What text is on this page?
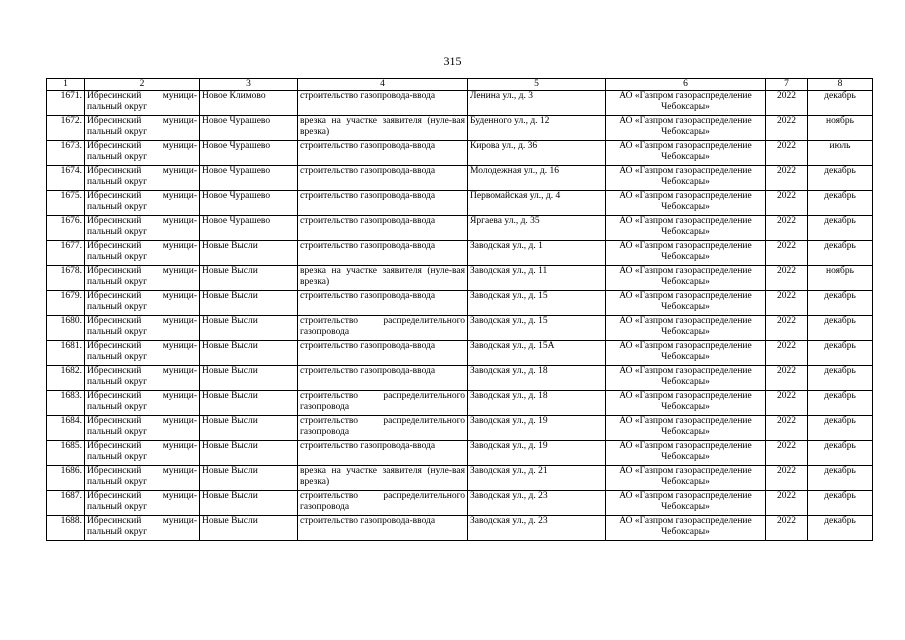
315
1	2	3	4	5	6	7	8
1671.	Ибресинский муници-пальный округ	Новое Климово	строительство газопровода-ввода	Ленина ул., д. 3	АО «Газпром газораспределение Чебоксары»	2022	декабрь
1672.	Ибресинский муници-пальный округ	Новое Чурашево	врезка на участке заявителя (нуле-вая врезка)	Буденного ул., д. 12	АО «Газпром газораспределение Чебоксары»	2022	ноябрь
1673.	Ибресинский муници-пальный округ	Новое Чурашево	строительство газопровода-ввода	Кирова ул., д. 36	АО «Газпром газораспределение Чебоксары»	2022	июль
1674.	Ибресинский муници-пальный округ	Новое Чурашево	строительство газопровода-ввода	Молодежная ул., д. 16	АО «Газпром газораспределение Чебоксары»	2022	декабрь
1675.	Ибресинский муници-пальный округ	Новое Чурашево	строительство газопровода-ввода	Первомайская ул., д. 4	АО «Газпром газораспределение Чебоксары»	2022	декабрь
1676.	Ибресинский муници-пальный округ	Новое Чурашево	строительство газопровода-ввода	Яргаева ул., д. 35	АО «Газпром газораспределение Чебоксары»	2022	декабрь
1677.	Ибресинский муници-пальный округ	Новые Высли	строительство газопровода-ввода	Заводская ул., д. 1	АО «Газпром газораспределение Чебоксары»	2022	декабрь
1678.	Ибресинский муници-пальный округ	Новые Высли	врезка на участке заявителя (нуле-вая врезка)	Заводская ул., д. 11	АО «Газпром газораспределение Чебоксары»	2022	ноябрь
1679.	Ибресинский муници-пальный округ	Новые Высли	строительство газопровода-ввода	Заводская ул., д. 15	АО «Газпром газораспределение Чебоксары»	2022	декабрь
1680.	Ибресинский муници-пальный округ	Новые Высли	строительство распределительного газопровода	Заводская ул., д. 15	АО «Газпром газораспределение Чебоксары»	2022	декабрь
1681.	Ибресинский муници-пальный округ	Новые Высли	строительство газопровода-ввода	Заводская ул., д. 15А	АО «Газпром газораспределение Чебоксары»	2022	декабрь
1682.	Ибресинский муници-пальный округ	Новые Высли	строительство газопровода-ввода	Заводская ул., д. 18	АО «Газпром газораспределение Чебоксары»	2022	декабрь
1683.	Ибресинский муници-пальный округ	Новые Высли	строительство распределительного газопровода	Заводская ул., д. 18	АО «Газпром газораспределение Чебоксары»	2022	декабрь
1684.	Ибресинский муници-пальный округ	Новые Высли	строительство распределительного газопровода	Заводская ул., д. 19	АО «Газпром газораспределение Чебоксары»	2022	декабрь
1685.	Ибресинский муници-пальный округ	Новые Высли	строительство газопровода-ввода	Заводская ул., д. 19	АО «Газпром газораспределение Чебоксары»	2022	декабрь
1686.	Ибресинский муници-пальный округ	Новые Высли	врезка на участке заявителя (нуле-вая врезка)	Заводская ул., д. 21	АО «Газпром газораспределение Чебоксары»	2022	декабрь
1687.	Ибресинский муници-пальный округ	Новые Высли	строительство распределительного газопровода	Заводская ул., д. 23	АО «Газпром газораспределение Чебоксары»	2022	декабрь
1688.	Ибресинский муници-пальный округ	Новые Высли	строительство газопровода-ввода	Заводская ул., д. 23	АО «Газпром газораспределение Чебоксары»	2022	декабрь
